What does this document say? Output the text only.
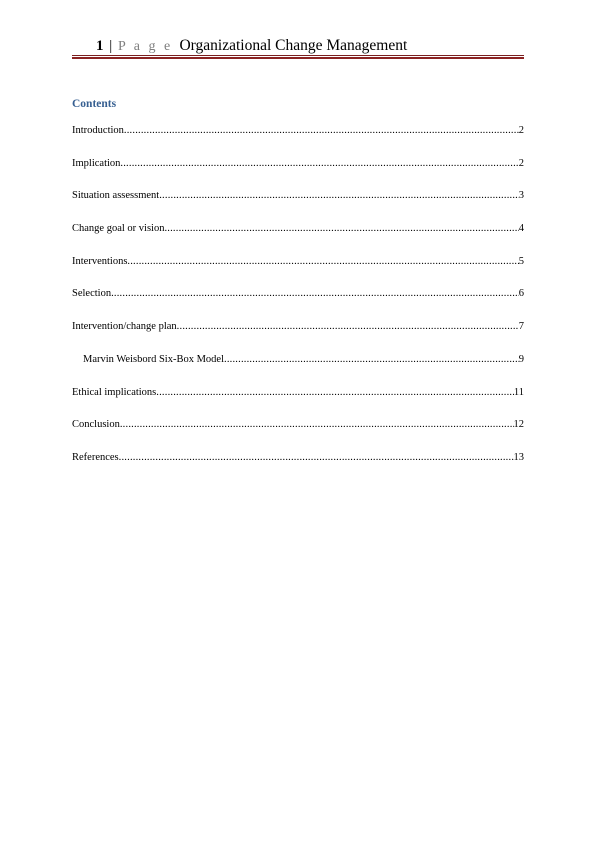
1 | P a g e Organizational Change Management
Contents
Introduction .....	2
Implication .....	2
Situation assessment .....	3
Change goal or vision .....	4
Interventions .....	5
Selection .....	6
Intervention/change plan .....	7
Marvin Weisbord Six-Box Model .....	9
Ethical implications .....	11
Conclusion .....	12
References .....	13
